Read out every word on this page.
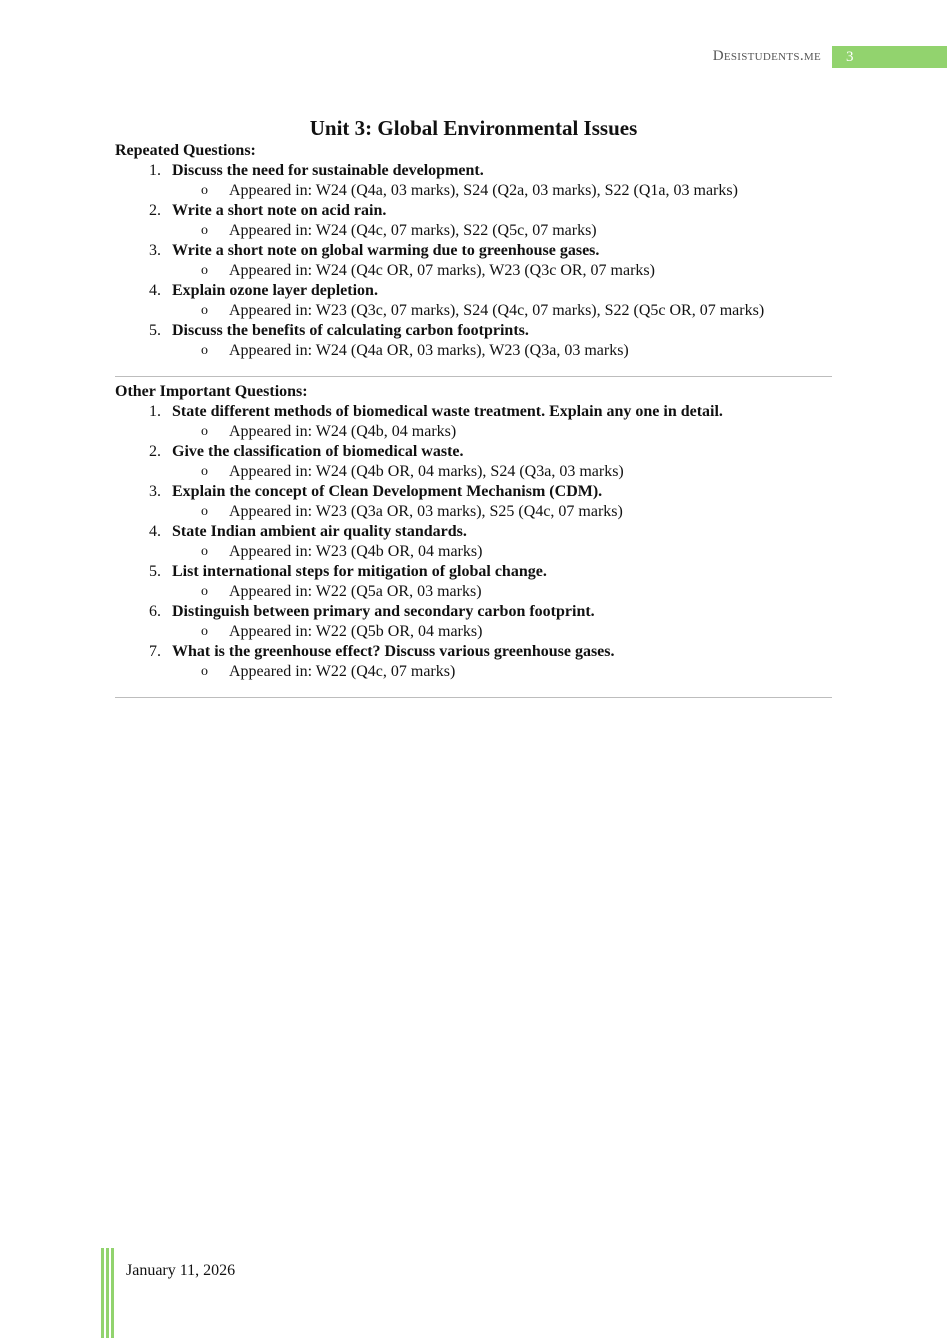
Desistudents.me	3
Unit 3: Global Environmental Issues
Repeated Questions:
1. Discuss the need for sustainable development.
o Appeared in: W24 (Q4a, 03 marks), S24 (Q2a, 03 marks), S22 (Q1a, 03 marks)
2. Write a short note on acid rain.
o Appeared in: W24 (Q4c, 07 marks), S22 (Q5c, 07 marks)
3. Write a short note on global warming due to greenhouse gases.
o Appeared in: W24 (Q4c OR, 07 marks), W23 (Q3c OR, 07 marks)
4. Explain ozone layer depletion.
o Appeared in: W23 (Q3c, 07 marks), S24 (Q4c, 07 marks), S22 (Q5c OR, 07 marks)
5. Discuss the benefits of calculating carbon footprints.
o Appeared in: W24 (Q4a OR, 03 marks), W23 (Q3a, 03 marks)
Other Important Questions:
1. State different methods of biomedical waste treatment. Explain any one in detail.
o Appeared in: W24 (Q4b, 04 marks)
2. Give the classification of biomedical waste.
o Appeared in: W24 (Q4b OR, 04 marks), S24 (Q3a, 03 marks)
3. Explain the concept of Clean Development Mechanism (CDM).
o Appeared in: W23 (Q3a OR, 03 marks), S25 (Q4c, 07 marks)
4. State Indian ambient air quality standards.
o Appeared in: W23 (Q4b OR, 04 marks)
5. List international steps for mitigation of global change.
o Appeared in: W22 (Q5a OR, 03 marks)
6. Distinguish between primary and secondary carbon footprint.
o Appeared in: W22 (Q5b OR, 04 marks)
7. What is the greenhouse effect? Discuss various greenhouse gases.
o Appeared in: W22 (Q4c, 07 marks)
January 11, 2026
